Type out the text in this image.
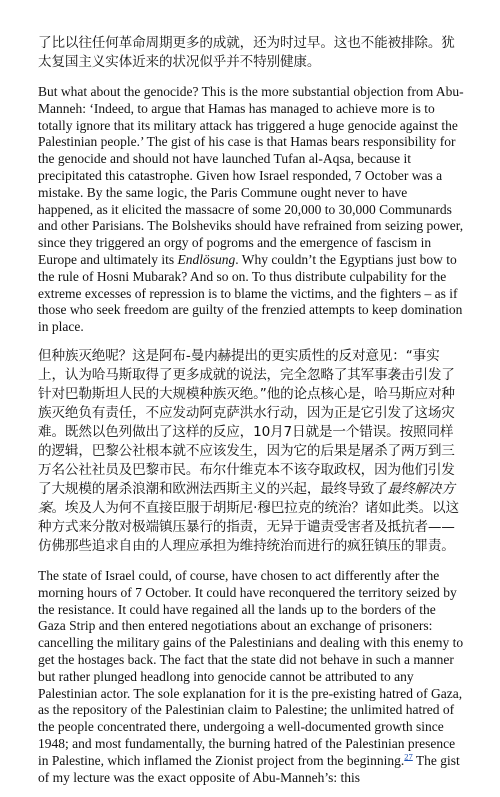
了比以往任何革命周期更多的成就，还为时过早。这也不能被排除。犹太复国主义实体近来的状况似乎并不特别健康。

But what about the genocide? This is the more substantial objection from Abu-Manneh: ‘Indeed, to argue that Hamas has managed to achieve more is to totally ignore that its military attack has triggered a huge genocide against the Palestinian people.’ The gist of his case is that Hamas bears responsibility for the genocide and should not have launched Tufan al-Aqsa, because it precipitated this catastrophe. Given how Israel responded, 7 October was a mistake. By the same logic, the Paris Commune ought never to have happened, as it elicited the massacre of some 20,000 to 30,000 Communards and other Parisians. The Bolsheviks should have refrained from seizing power, since they triggered an orgy of pogroms and the emergence of fascism in Europe and ultimately its Endlösung. Why couldn’t the Egyptians just bow to the rule of Hosni Mubarak? And so on. To thus distribute culpability for the extreme excesses of repression is to blame the victims, and the fighters – as if those who seek freedom are guilty of the frenzied attempts to keep domination in place.

但种族灭绝呢？这是阿布-曼内赫提出的更实质性的反对意见：“事实上，认为哈马斯取得了更多成就的说法，完全忽略了其军事袭击引发了针对巴勒斯坦人民的大规模种族灭绝。”他的论点核心是，哈马斯应对种族灭绝负有责任，不应发动阿克萨洪水行动，因为正是它引发了这场灾难。既然以色列做出了这样的反应，10月7日就是一个错误。按照同样的逻辑，巴黎公社根本就不应该发生，因为它的后果是屠杀了两万到三万名公社社员及巴黎市民。布尔什维克本不该夺取政权，因为他们引发了大规模的屠杀浪潮和欧洲法西斯主义的兴起，最终导致了最终解决方案。埃及人为何不直接臣服于胡斯尼·穆巴拉克的统治？诸如此类。以这种方式来分散对极端镇压暴行的指责，无异于谴责受害者及抵抗者——仿佛那些追求自由的人理应承担为维持统治而进行的疯狂镇压的罪责。

The state of Israel could, of course, have chosen to act differently after the morning hours of 7 October. It could have reconquered the territory seized by the resistance. It could have regained all the lands up to the borders of the Gaza Strip and then entered negotiations about an exchange of prisoners: cancelling the military gains of the Palestinians and dealing with this enemy to get the hostages back. The fact that the state did not behave in such a manner but rather plunged headlong into genocide cannot be attributed to any Palestinian actor. The sole explanation for it is the pre-existing hatred of Gaza, as the repository of the Palestinian claim to Palestine; the unlimited hatred of the people concentrated there, undergoing a well-documented growth since 1948; and most fundamentally, the burning hatred of the Palestinian presence in Palestine, which inflamed the Zionist project from the beginning.$^{27}$ The gist of my lecture was the exact opposite of Abu-Manneh’s: this
